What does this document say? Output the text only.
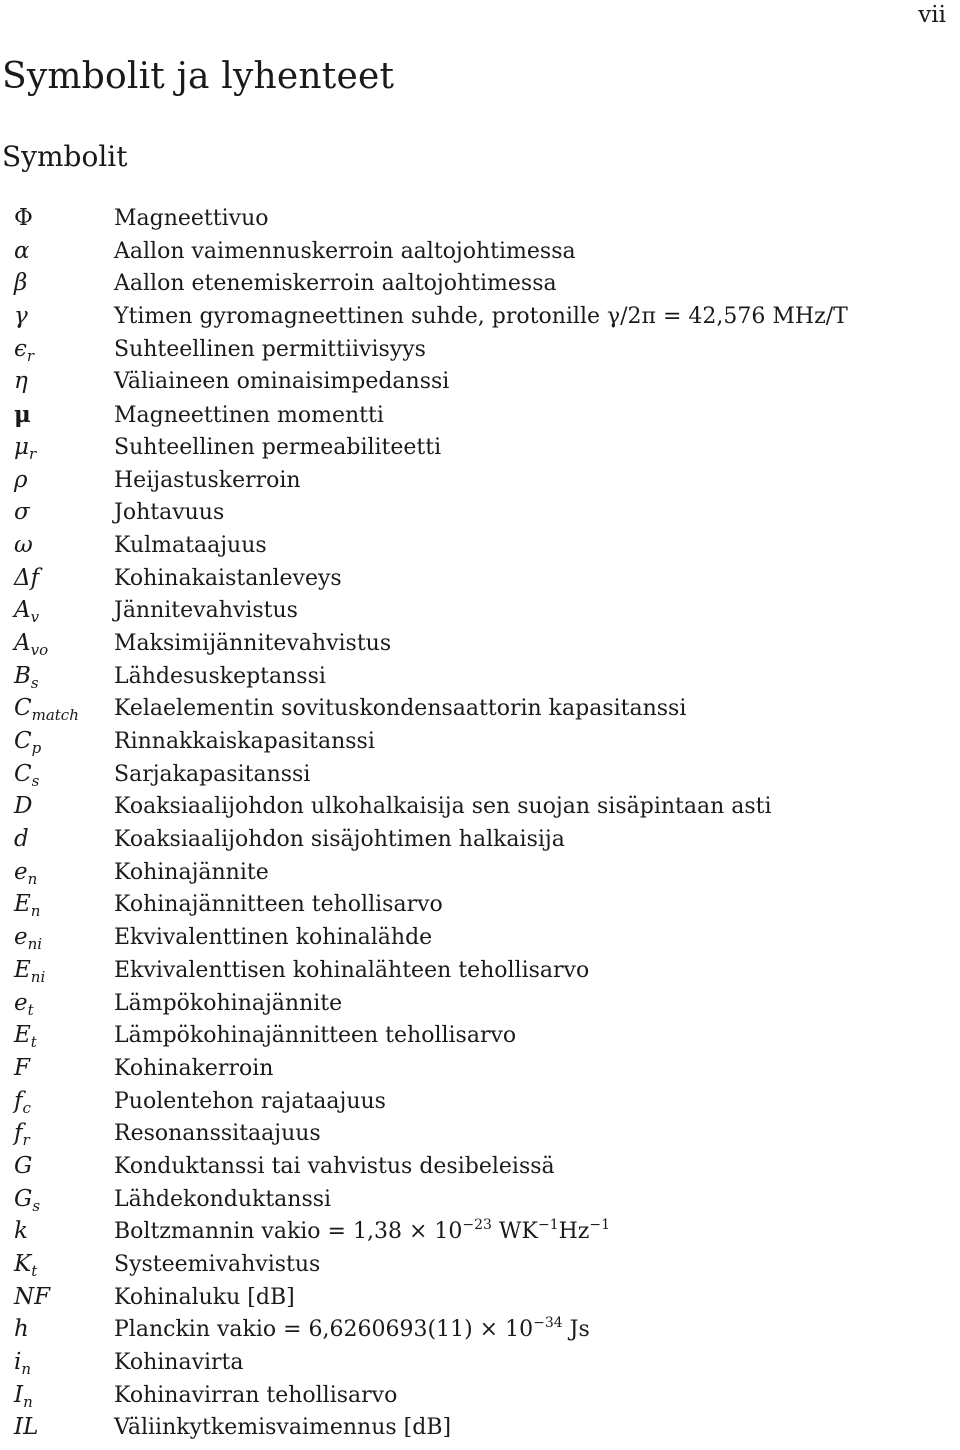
vii
Symbolit ja lyhenteet
Symbolit
Φ	Magneettivuo
α	Aallon vaimennuskerroin aaltojohtimessa
β	Aallon etenemiskerroin aaltojohtimessa
γ	Ytimen gyromagneettinen suhde, protonille γ/2π = 42,576 MHz/T
$\epsilon_r$	Suhteellinen permittiivisyys
η	Väliaineen ominaisimpedanssi
μ	Magneettinen momentti
$\mu_r$	Suhteellinen permeabiliteetti
ρ	Heijastuskerroin
σ	Johtavuus
ω	Kulmataajuus
Δf	Kohinakaistanleveys
$A_v$	Jännitevahvistus
$A_{vo}$	Maksimijännitevahvistus
$B_s$	Lähdesuskeptanssi
$C_{match}$	Kelaelementin sovituskondensaattorin kapasitanssi
$C_p$	Rinnakkaiskapasitanssi
$C_s$	Sarjakapasitanssi
D	Koaksiaalijohdon ulkohalkaisija sen suojan sisäpintaan asti
d	Koaksiaalijohdon sisäjohtimen halkaisija
$e_n$	Kohinajännite
$E_n$	Kohinajännitteen tehollisarvo
$e_{ni}$	Ekvivalenttinen kohinalähde
$E_{ni}$	Ekvivalenttisen kohinalähteen tehollisarvo
$e_t$	Lämpökohinajännite
$E_t$	Lämpökohinajännitteen tehollisarvo
F	Kohinakerroin
$f_c$	Puolentehon rajataajuus
$f_r$	Resonanssitaajuus
G	Konduktanssi tai vahvistus desibeleissä
$G_s$	Lähdekonduktanssi
k	Boltzmannin vakio = $1,38 \times 10^{-23}$ $WK^{-1}Hz^{-1}$
$K_t$	Systeemivahvistus
NF	Kohinaluku [dB]
h	Planckin vakio = $6,6260693(11) \times 10^{-34}$ Js
$i_n$	Kohinavirta
$I_n$	Kohinavirran tehollisarvo
IL	Väliinkytkemisvaimennus [dB]
